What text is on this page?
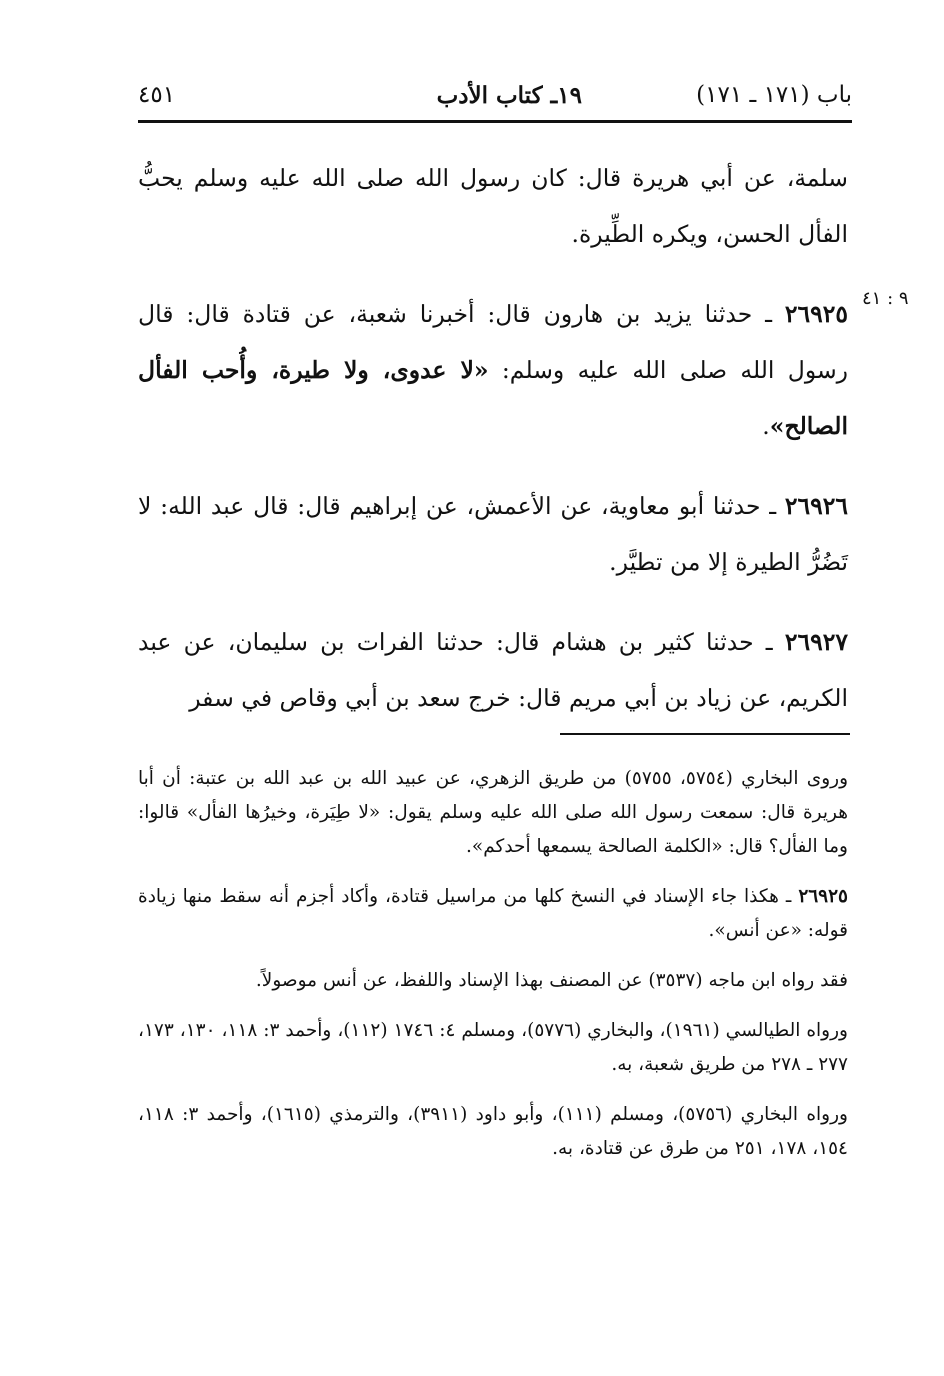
باب (١٧١ ـ ١٧١)
١٩ـ كتاب الأدب
٤٥١
٩ : ٤١

سلمة، عن أبي هريرة قال: كان رسول الله صلى الله عليه وسلم يحبُّ الفأل الحسن، ويكره الطِّيرة.

٢٦٩٢٥ ـ حدثنا يزيد بن هارون قال: أخبرنا شعبة، عن قتادة قال: قال رسول الله صلى الله عليه وسلم: «لا عدوى، ولا طيرة، وأُحب الفأل الصالح».

٢٦٩٢٦ ـ حدثنا أبو معاوية، عن الأعمش، عن إبراهيم قال: قال عبد الله: لا تَضُرُّ الطيرة إلا من تطيَّر.

٢٦٩٢٧ ـ حدثنا كثير بن هشام قال: حدثنا الفرات بن سليمان، عن عبد الكريم، عن زياد بن أبي مريم قال: خرج سعد بن أبي وقاص في سفر

وروى البخاري (٥٧٥٤، ٥٧٥٥) من طريق الزهري، عن عبيد الله بن عبد الله بن عتبة: أن أبا هريرة قال: سمعت رسول الله صلى الله عليه وسلم يقول: «لا طِيَرة، وخيرُها الفأل» قالوا: وما الفأل؟ قال: «الكلمة الصالحة يسمعها أحدكم».

٢٦٩٢٥ ـ هكذا جاء الإسناد في النسخ كلها من مراسيل قتادة، وأكاد أجزم أنه سقط منها زيادة قوله: «عن أنس».

فقد رواه ابن ماجه (٣٥٣٧) عن المصنف بهذا الإسناد واللفظ، عن أنس موصولاً.

ورواه الطيالسي (١٩٦١)، والبخاري (٥٧٧٦)، ومسلم ٤: ١٧٤٦ (١١٢)، وأحمد ٣: ١١٨، ١٣٠، ١٧٣، ٢٧٧ ـ ٢٧٨ من طريق شعبة، به.

ورواه البخاري (٥٧٥٦)، ومسلم (١١١)، وأبو داود (٣٩١١)، والترمذي (١٦١٥)، وأحمد ٣: ١١٨، ١٥٤، ١٧٨، ٢٥١ من طرق عن قتادة، به.
